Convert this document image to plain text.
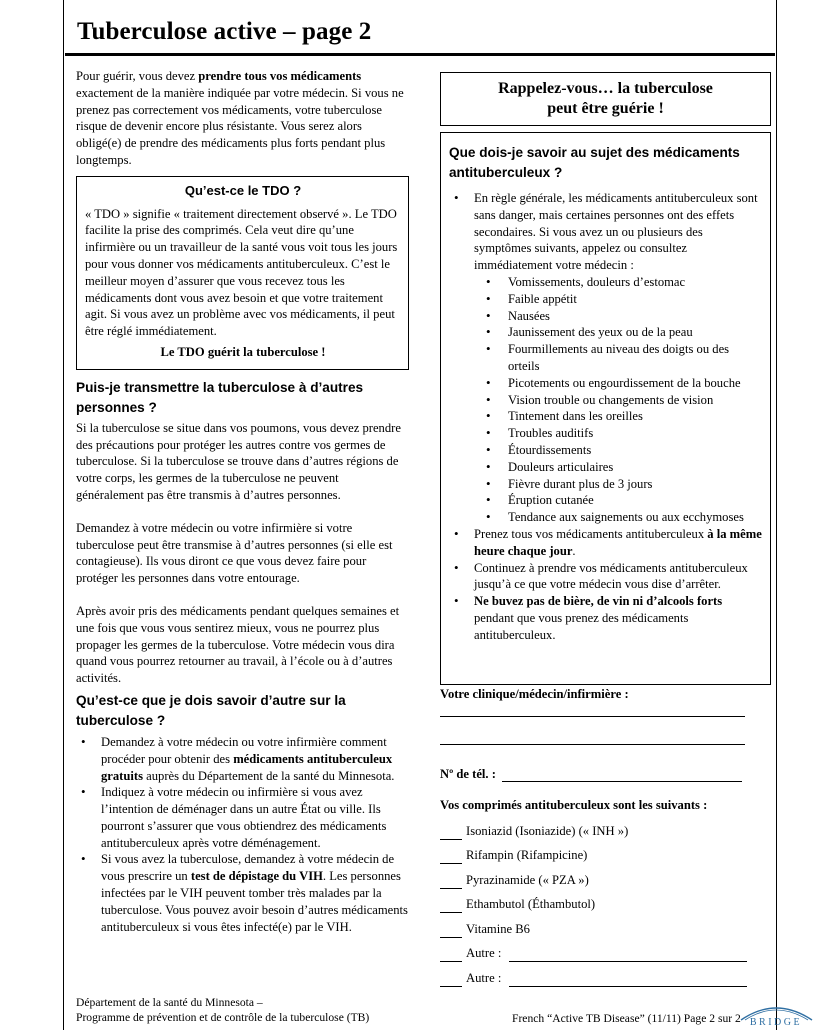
Tuberculose active – page 2

Pour guérir, vous devez prendre tous vos médicaments exactement de la manière indiquée par votre médecin. Si vous ne prenez pas correctement vos médicaments, votre tuberculose risque de devenir encore plus résistante. Vous serez alors obligé(e) de prendre des médicaments plus forts pendant plus longtemps.

Qu’est-ce le TDO ?

« TDO » signifie « traitement directement observé ». Le TDO facilite la prise des comprimés. Cela veut dire qu’une infirmière ou un travailleur de la santé vous voit tous les jours pour vous donner vos médicaments antituberculeux. C’est le meilleur moyen d’assurer que vous recevez tous les médicaments dont vous avez besoin et que votre traitement agit. Si vous avez un problème avec vos médicaments, il peut être réglé immédiatement.

Le TDO guérit la tuberculose !

Puis-je transmettre la tuberculose à d’autres personnes ?

Si la tuberculose se situe dans vos poumons, vous devez prendre des précautions pour protéger les autres contre vos germes de tuberculose. Si la tuberculose se trouve dans d’autres régions de votre corps, les germes de la tuberculose ne peuvent généralement pas être transmis à d’autres personnes.

Demandez à votre médecin ou votre infirmière si votre tuberculose peut être transmise à d’autres personnes (si elle est contagieuse). Ils vous diront ce que vous devez faire pour protéger les personnes dans votre entourage.

Après avoir pris des médicaments pendant quelques semaines et une fois que vous vous sentirez mieux, vous ne pourrez plus propager les germes de la tuberculose. Votre médecin vous dira quand vous pourrez retourner au travail, à l’école ou à d’autres activités.

Qu’est-ce que je dois savoir d’autre sur la tuberculose ?
• Demandez à votre médecin ou votre infirmière comment procéder pour obtenir des médicaments antituberculeux gratuits auprès du Département de la santé du Minnesota.
• Indiquez à votre médecin ou infirmière si vous avez l’intention de déménager dans un autre État ou ville. Ils pourront s’assurer que vous obtiendrez des médicaments antituberculeux après votre déménagement.
• Si vous avez la tuberculose, demandez à votre médecin de vous prescrire un test de dépistage du VIH. Les personnes infectées par le VIH peuvent tomber très malades par la tuberculose. Vous pouvez avoir besoin d’autres médicaments antituberculeux si vous êtes infecté(e) par le VIH.

Rappelez-vous… la tuberculose

peut être guérie !

Que dois-je savoir au sujet des médicaments antituberculeux ?
• En règle générale, les médicaments antituberculeux sont sans danger, mais certaines personnes ont des effets secondaires. Si vous avez un ou plusieurs des symptômes suivants, appelez ou consultez immédiatement votre médecin :
• Vomissements, douleurs d’estomac
• Faible appétit
• Nausées
• Jaunissement des yeux ou de la peau
• Fourmillements au niveau des doigts ou des orteils
• Picotements ou engourdissement de la bouche
• Vision trouble ou changements de vision
• Tintement dans les oreilles
• Troubles auditifs
• Étourdissements
• Douleurs articulaires
• Fièvre durant plus de 3 jours
• Éruption cutanée
• Tendance aux saignements ou aux ecchymoses
• Prenez tous vos médicaments antituberculeux à la même heure chaque jour.
• Continuez à prendre vos médicaments antituberculeux jusqu’à ce que votre médecin vous dise d’arrêter.
• Ne buvez pas de bière, de vin ni d’alcools forts pendant que vous prenez des médicaments antituberculeux.
Votre clinique/médecin/infirmière :
Nº de tél. :
Vos comprimés antituberculeux sont les suivants :
Isoniazid (Isoniazide) (« INH »)
Rifampin (Rifampicine)
Pyrazinamide (« PZA »)
Ethambutol (Éthambutol)
Vitamine B6
Autre :
Autre :
Département de la santé du Minnesota –
Programme de prévention et de contrôle de la tuberculose (TB)	French “Active TB Disease” (11/11) Page 2 sur 2 BRIDGE
